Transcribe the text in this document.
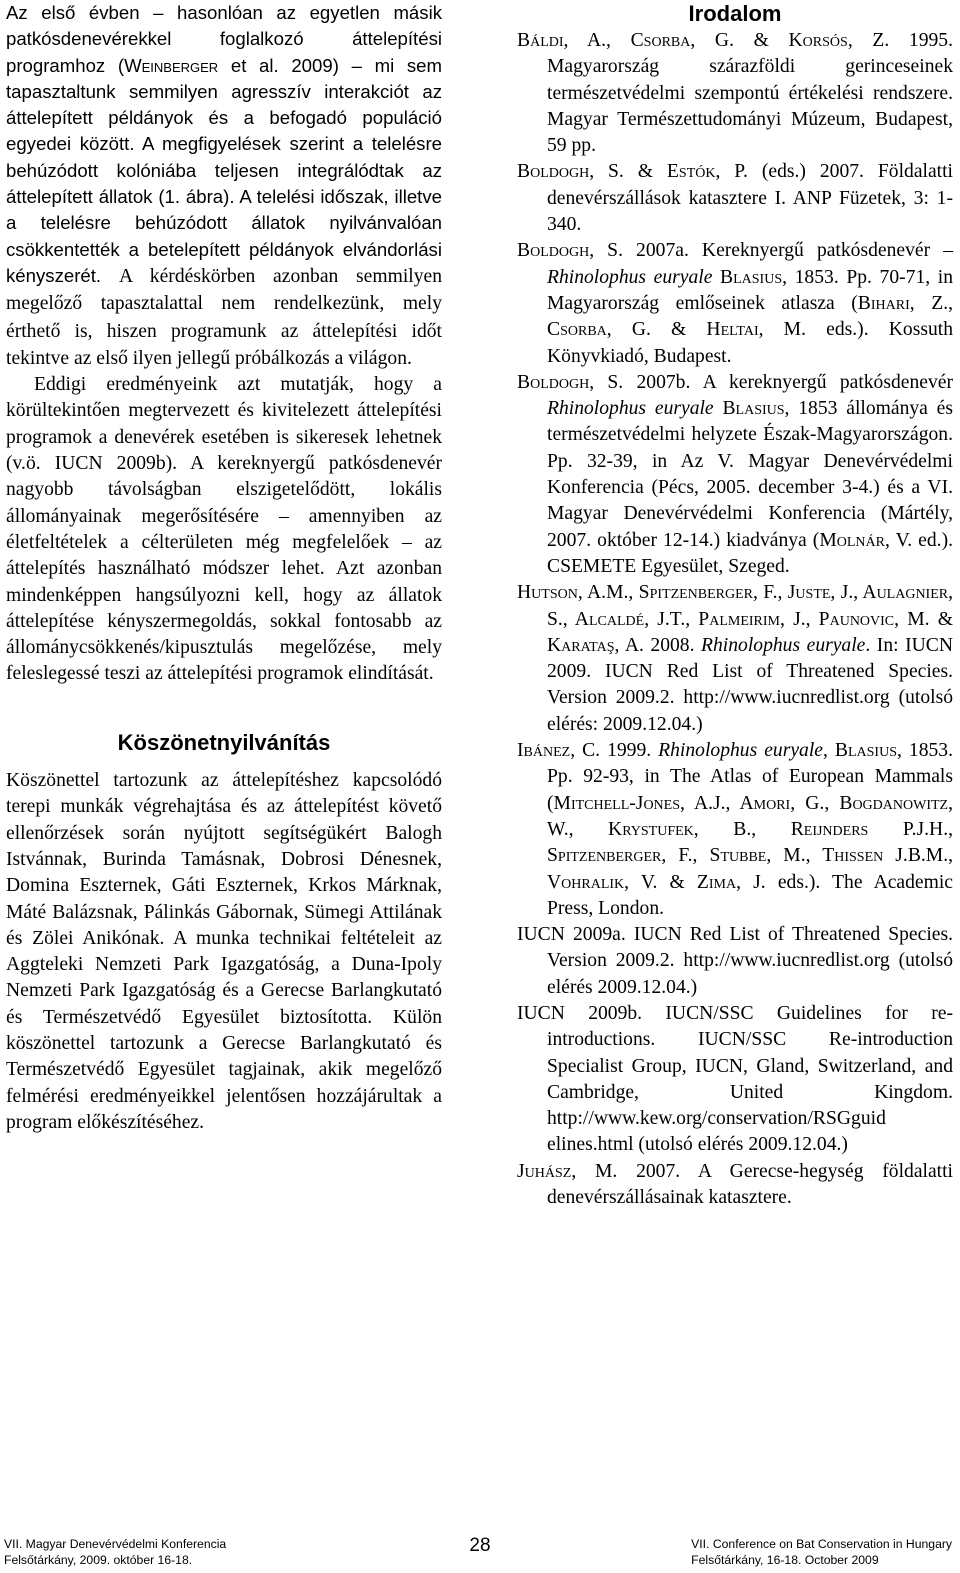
Az első évben – hasonlóan az egyetlen másik patkósdenevérekkel foglalkozó áttelepítési programhoz (Weinberger et al. 2009) – mi sem tapasztaltunk semmilyen agresszív interakciót az áttelepített példányok és a befogadó populáció egyedei között. A megfigyelések szerint a telelésre behúzódott kolóniába teljesen integrálódtak az áttelepített állatok (1. ábra). A telelési időszak, illetve a telelésre behúzódott állatok nyilvánvalóan csökkentették a betelepített példányok elvándorlási kényszerét. A kérdéskörben azonban semmilyen megelőző tapasztalattal nem rendelkezünk, mely érthető is, hiszen programunk az áttelepítési időt tekintve az első ilyen jellegű próbálkozás a világon.

Eddigi eredményeink azt mutatják, hogy a körültekintően megtervezett és kivitelezett áttelepítési programok a denevérek esetében is sikeresek lehetnek (v.ö. IUCN 2009b). A kereknyergű patkósdenevér nagyobb távolságban elszigetelődött, lokális állományainak megerősítésére – amennyiben az életfeltételek a célterületen még megfelelőek – az áttelepítés használható módszer lehet. Azt azonban mindenképpen hangsúlyozni kell, hogy az állatok áttelepítése kényszermegoldás, sokkal fontosabb az állománycsökkenés/kipusztulás megelőzése, mely feleslegessé teszi az áttelepítési programok elindítását.

Köszönetnyilvánítás

Köszönettel tartozunk az áttelepítéshez kapcsolódó terepi munkák végrehajtása és az áttelepítést követő ellenőrzések során nyújtott segítségükért Balogh Istvánnak, Burinda Tamásnak, Dobrosi Dénesnek, Domina Eszternek, Gáti Eszternek, Krkos Márknak, Máté Balázsnak, Pálinkás Gábornak, Sümegi Attilának és Zölei Anikónak. A munka technikai feltételeit az Aggteleki Nemzeti Park Igazgatóság, a Duna-Ipoly Nemzeti Park Igazgatóság és a Gerecse Barlangkutató és Természetvédő Egyesület biztosította. Külön köszönettel tartozunk a Gerecse Barlangkutató és Természetvédő Egyesület tagjainak, akik megelőző felmérési eredményeikkel jelentősen hozzájárultak a program előkészítéséhez.

Irodalom

Báldi, A., Csorba, G. & Korsós, Z. 1995. Magyarország szárazföldi gerinceseinek természetvédelmi szempontú értékelési rendszere. Magyar Természettudományi Múzeum, Budapest, 59 pp.

Boldogh, S. & Estók, P. (eds.) 2007. Földalatti denevérszállások katasztere I. ANP Füzetek, 3: 1-340.

Boldogh, S. 2007a. Kereknyergű patkósdenevér – Rhinolophus euryale Blasius, 1853. Pp. 70-71, in Magyarország emlőseinek atlasza (Bihari, Z., Csorba, G. & Heltai, M. eds.). Kossuth Könyvkiadó, Budapest.

Boldogh, S. 2007b. A kereknyergű patkósdenevér Rhinolophus euryale Blasius, 1853 állománya és természetvédelmi helyzete Észak-Magyarországon. Pp. 32-39, in Az V. Magyar Denevérvédelmi Konferencia (Pécs, 2005. december 3-4.) és a VI. Magyar Denevérvédelmi Konferencia (Mártély, 2007. október 12-14.) kiadványa (Molnár, V. ed.). CSEMETE Egyesület, Szeged.

Hutson, A.M., Spitzenberger, F., Juste, J., Aulagnier, S., Alcaldé, J.T., Palmeirim, J., Paunovic, M. & Karataş, A. 2008. Rhinolophus euryale. In: IUCN 2009. IUCN Red List of Threatened Species. Version 2009.2. http://www.iucnredlist.org (utolsó elérés: 2009.12.04.)

Ibánez, C. 1999. Rhinolophus euryale, Blasius, 1853. Pp. 92-93, in The Atlas of European Mammals (Mitchell-Jones, A.J., Amori, G., Bogdanowitz, W., Krystufek, B., Reijnders P.J.H., Spitzenberger, F., Stubbe, M., Thissen J.B.M., Vohralik, V. & Zima, J. eds.). The Academic Press, London.

IUCN 2009a. IUCN Red List of Threatened Species. Version 2009.2. http://www.iucnredlist.org (utolsó elérés 2009.12.04.)

IUCN 2009b. IUCN/SSC Guidelines for re-introductions. IUCN/SSC Re-introduction Specialist Group, IUCN, Gland, Switzerland, and Cambridge, United Kingdom. http://www.kew.org/conservation/RSGguid elines.html (utolsó elérés 2009.12.04.)

Juhász, M. 2007. A Gerecse-hegység földalatti denevérszállásainak katasztere.

VII. Magyar Denevérvédelmi Konferencia
Felsőtárkány, 2009. október 16-18.
28	VII. Conference on Bat Conservation in Hungary
Felsőtárkány, 16-18. October 2009
